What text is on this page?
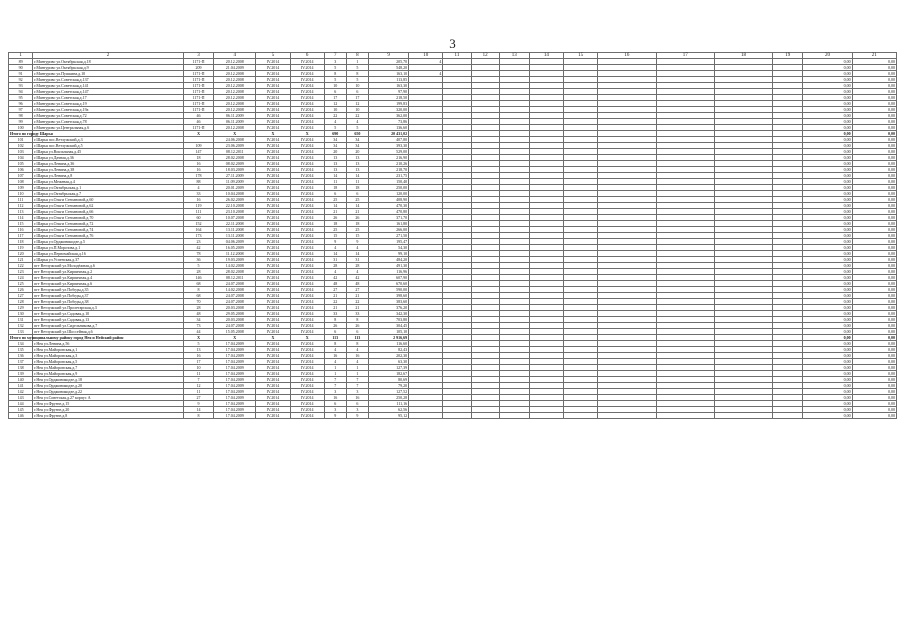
3
1	2	3	4	5	6	7	8	9	10	11	12	13	14	15	16	17	18	19	20	21
89	г.Мантурово ул.Октябрьская,д.18	1171-П	20.12.2008	IV.2014	IV.2014	3	1	205,70	4										0,00	0,00
90	г.Мантурово ул.Октябрьская,д.9	209	21.04.2009	IV.2014	IV.2014	5	5	548,20											0,00	0,00
91	г.Мантурово ул.Пушкина,д.10	1171-П	20.12.2008	IV.2014	IV.2014	8	8	163,10	4										0,00	0,00
92	г.Мантурово ул.Советская,д.137	1171-П	20.12.2008	IV.2014	IV.2014	5	5	113,85											0,00	0,00
93	г.Мантурово ул.Советская,д.141	1171-П	20.12.2008	IV.2014	IV.2014	10	10	163,30											0,00	0,00
94	г.Мантурово ул.Советская,д.147	1171-П	20.12.2008	IV.2014	IV.2014	6	6	97,90											0,00	0,00
95	г.Мантурово ул.Советская,д.17	1171-П	20.12.2008	IV.2014	IV.2014	17	17	218,50											0,00	0,00
96	г.Мантурово ул.Советская,д.19	1171-П	20.12.2008	IV.2014	IV.2014	12	12	199,83											0,00	0,00
97	г.Мантурово ул.Советская,д.19а	1171-П	20.12.2008	IV.2014	IV.2014	10	10	320,00											0,00	0,00
98	г.Мантурово ул.Советская,д.72	46	06.11.2009	IV.2014	IV.2014	22	22	362,00											0,00	0,00
99	г.Мантурово ул.Советская,д.78	46	06.11.2009	IV.2014	IV.2014	4	4	73,86											0,00	0,00
100	г.Мантурово ул.Центральная,д.6	1171-П	20.12.2008	IV.2014	IV.2014	5	5	136,60											0,00	0,00
Итого по городу Шарья		X	X	X	X	690	650	20 431,02											0,00	0,00
101	г.Шарья пос.Ветлужский,д.3		24.06.2008	IV.2014	IV.2014	34	34	407,80											0,00	0,00
102	г.Шарья пос.Ветлужский,д.5	109	23.06.2009	IV.2014	IV.2014	34	34	393,30											0,00	0,00
103	г.Шарья ул.Вокзальная,д.45	147	08.12.2011	IV.2014	IV.2014	20	20	529,00											0,00	0,00
104	г.Шарья ул.Дачная,д.36	18	28.02.2008	IV.2014	IV.2014	13	13	216,90											0,00	0,00
105	г.Шарья ул.Ленина,д.36	16	08.02.2009	IV.2014	IV.2014	13	13	210,26											0,00	0,00
106	г.Шарья ул.Ленина,д.38	16	18.03.2009	IV.2014	IV.2014	13	13	218,70											0,00	0,00
107	г.Шарья ул.Ленина,д.8	178	27.11.2009	IV.2014	IV.2014	14	14	231,75											0,00	0,00
108	г.Шарья ул.Межевая,д.4	88	11.09.2009	IV.2014	IV.2014	11	11	150,40											0,00	0,00
109	г.Шарья ул.Октябрьская,д.1	4	20.01.2009	IV.2014	IV.2014	18	18	250,00											0,00	0,00
110	г.Шарья ул.Октябрьская,д.7	33	10.04.2008	IV.2014	IV.2014	6	6	120,00											0,00	0,00
111	г.Шарья ул.Ольги Степановой,д.60	16	26.02.2009	IV.2014	IV.2014	25	25	408,90											0,00	0,00
112	г.Шарья ул.Ольги Степановой,д.62	119	22.10.2008	IV.2014	IV.2014	14	14	470,30											0,00	0,00
113	г.Шарья ул.Ольги Степановой,д.66	111	23.10.2008	IV.2014	IV.2014	21	21	470,80											0,00	0,00
114	г.Шарья ул.Ольги Степановой,д.70	60	10.07.2008	IV.2014	IV.2014	26	26	371,70											0,00	0,00
115	г.Шарья ул.Ольги Степановой,д.72	152	22.11.2008	IV.2014	IV.2014	18	18	161,80											0,00	0,00
116	г.Шарья ул.Ольги Степановой,д.74	164	13.11.2008	IV.2014	IV.2014	25	25	266,00											0,00	0,00
117	г.Шарья ул.Ольги Степановой,д.76	173	13.11.2008	IV.2014	IV.2014	15	15	271,50											0,00	0,00
118	г.Шарья ул.Орджоникидзе,д.5	23	04.06.2009	IV.2014	IV.2014	9	9	195,47											0,00	0,00
119	г.Шарья ул.П.Морозова,д.1	42	16.05.2009	IV.2014	IV.2014	4	4	54,30											0,00	0,00
120	г.Шарья ул.Первомайская,д.16	78	11.12.2008	IV.2014	IV.2014	14	14	99,10											0,00	0,00
121	г.Шарья ул.Успенская,д.37	36	19.03.2009	IV.2014	IV.2014	31	31	484,20											0,00	0,00
122	пгт Ветлужский ул.Молодёжная,д.6	5	14.02.2008	IV.2014	IV.2014	28	28	491,30											0,00	0,00
123	пгт Ветлужский ул.Кирпичная,д.2	28	28.02.2008	IV.2014	IV.2014	4	4	116,96											0,00	0,00
124	пгт Ветлужский ул.Кирпичная,д.4	146	08.12.2011	IV.2014	IV.2014	42	42	607,90											0,00	0,00
125	пгт Ветлужский ул.Кирпичная,д.6	68	24.07.2008	IV.2014	IV.2014	48	48	670,60											0,00	0,00
126	пгт Ветлужский ул.Победы,д.35	8	14.02.2008	IV.2014	IV.2014	27	27	590,00											0,00	0,00
127	пгт Ветлужский ул.Победы,д.37	68	24.07.2008	IV.2014	IV.2014	21	21	398,60											0,00	0,00
128	пгт Ветлужский ул.Победы,д.38	70	24.07.2008	IV.2014	IV.2014	22	22	383,60											0,00	0,00
129	пгт Ветлужский ул.Пролетарская,д.3	28	20.03.2008	IV.2014	IV.2014	21	21	376,20											0,00	0,00
130	пгт Ветлужский ул.Садовая,д.10	48	29.05.2008	IV.2014	IV.2014	33	33	342,30											0,00	0,00
131	пгт Ветлужский ул.Садовая,д.13	34	20.03.2008	IV.2014	IV.2014	8	8	703,80											0,00	0,00
132	пгт Ветлужский ул.Сидельникова,д.7	73	24.07.2008	IV.2014	IV.2014	26	26	304,45											0,00	0,00
133	пгт Ветлужский ул.Шоссейная,д.6	44	15.05.2008	IV.2014	IV.2014	6	6	105,10											0,00	0,00
Итого по муниципальному району город Нея и Нейский район		X	X	X	X	113	113	2 916,69											0,00	0,00
134	г.Нея ул.Ленина,д.56	5	17.04.2009	IV.2014	IV.2014	8	8	116,60											0,00	0,00
135	г.Нея ул.Майоровская,д.1	13	17.04.2009	IV.2014	IV.2014	4	4	82,43											0,00	0,00
136	г.Нея ул.Майоровская,д.3	16	17.04.2009	IV.2014	IV.2014	16	16	202,30											0,00	0,00
137	г.Нея ул.Майоровская,д.5	17	17.04.2009	IV.2014	IV.2014	4	4	63,30											0,00	0,00
138	г.Нея ул.Майоровская,д.7	10	17.04.2009	IV.2014	IV.2014	1	1	127,39											0,00	0,00
139	г.Нея ул.Майоровская,д.9	11	17.04.2009	IV.2014	IV.2014	1	1	182,67											0,00	0,00
140	г.Нея ул.Орджоникидзе,д.18	7	17.04.2009	IV.2014	IV.2014	7	7	80,69											0,00	0,00
141	г.Нея ул.Орджоникидзе,д.20	12	17.04.2009	IV.2014	IV.2014	7	7	79,20											0,00	0,00
142	г.Нея ул.Орджоникидзе,д.22	11	17.04.2009	IV.2014	IV.2014	3	3	127,52											0,00	0,00
143	г.Нея ул.Советская,д.27 корпус А	27	17.04.2009	IV.2014	IV.2014	16	16	250,28											0,00	0,00
144	г.Нея ул.Фрунзе,д.15	9	17.04.2009	IV.2014	IV.2014	6	6	111,16											0,00	0,00
145	г.Нея ул.Фрунзе,д.20	14	17.04.2009	IV.2014	IV.2014	3	3	62,56											0,00	0,00
146	г.Нея ул.Фрунзе,д.8	8	17.04.2009	IV.2014	IV.2014	9	9	95,12											0,00	0,00
